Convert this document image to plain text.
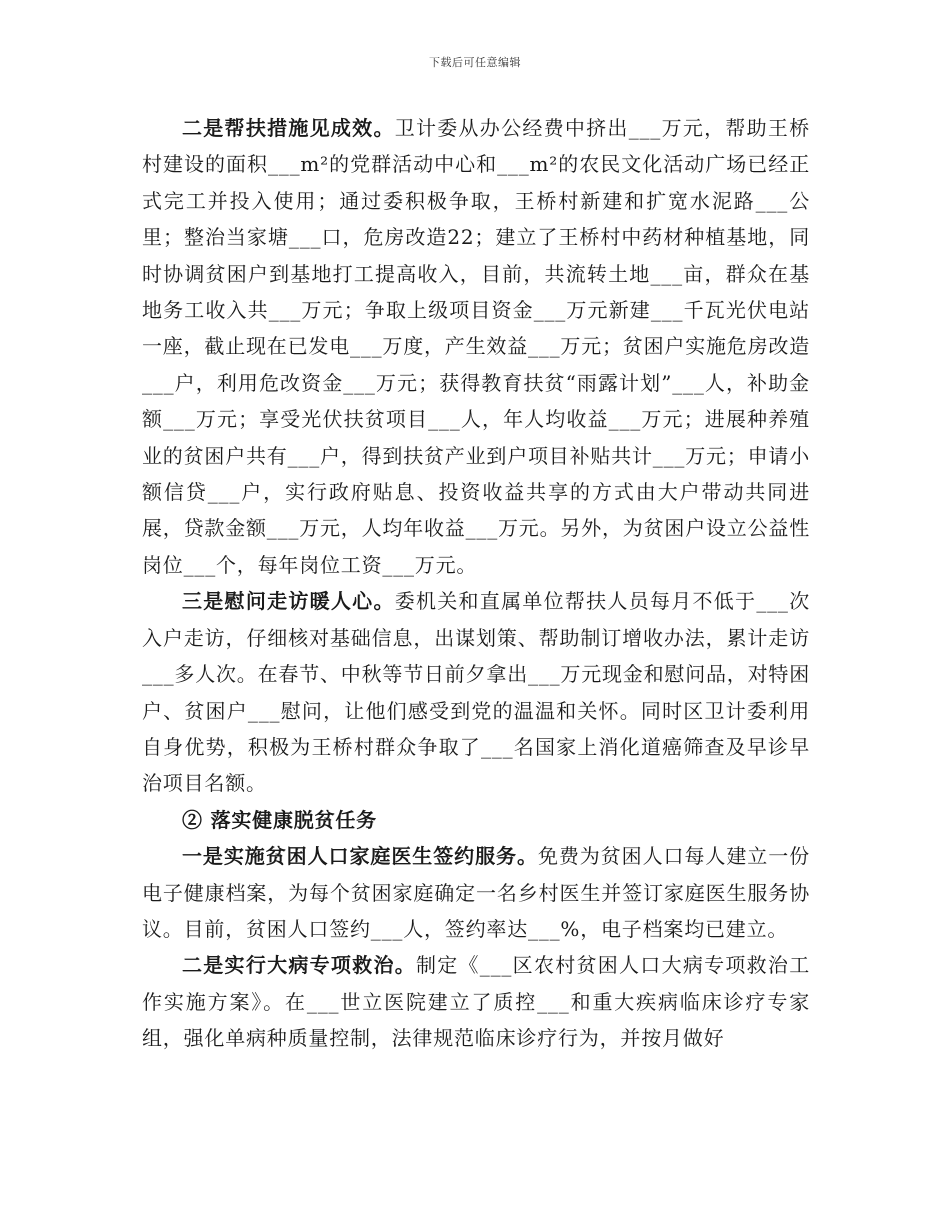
下载后可任意编辑

二是帮扶措施见成效。卫计委从办公经费中挤出___万元，帮助王桥村建设的面积___m²的党群活动中心和___m²的农民文化活动广场已经正式完工并投入使用；通过委积极争取，王桥村新建和扩宽水泥路___公里；整治当家塘___口，危房改造22；建立了王桥村中药材种植基地，同时协调贫困户到基地打工提高收入，目前，共流转土地___亩，群众在基地务工收入共___万元；争取上级项目资金___万元新建___千瓦光伏电站一座，截止现在已发电___万度，产生效益___万元；贫困户实施危房改造___户，利用危改资金___万元；获得教育扶贫“雨露计划”___人，补助金额___万元；享受光伏扶贫项目___人，年人均收益___万元；进展种养殖业的贫困户共有___户，得到扶贫产业到户项目补贴共计___万元；申请小额信贷___户，实行政府贴息、投资收益共享的方式由大户带动共同进展，贷款金额___万元，人均年收益___万元。另外，为贫困户设立公益性岗位___个，每年岗位工资___万元。

三是慰问走访暖人心。委机关和直属单位帮扶人员每月不低于___次入户走访，仔细核对基础信息，出谋划策、帮助制订增收办法，累计走访___多人次。在春节、中秋等节日前夕拿出___万元现金和慰问品，对特困户、贫困户___慰问，让他们感受到党的温温和关怀。同时区卫计委利用自身优势，积极为王桥村群众争取了___名国家上消化道癌筛查及早诊早治项目名额。

② 落实健康脱贫任务

一是实施贫困人口家庭医生签约服务。免费为贫困人口每人建立一份电子健康档案，为每个贫困家庭确定一名乡村医生并签订家庭医生服务协议。目前，贫困人口签约___人，签约率达___%，电子档案均已建立。

二是实行大病专项救治。制定《___区农村贫困人口大病专项救治工作实施方案》。在___世立医院建立了质控___和重大疾病临床诊疗专家组，强化单病种质量控制，法律规范临床诊疗行为，并按月做好
